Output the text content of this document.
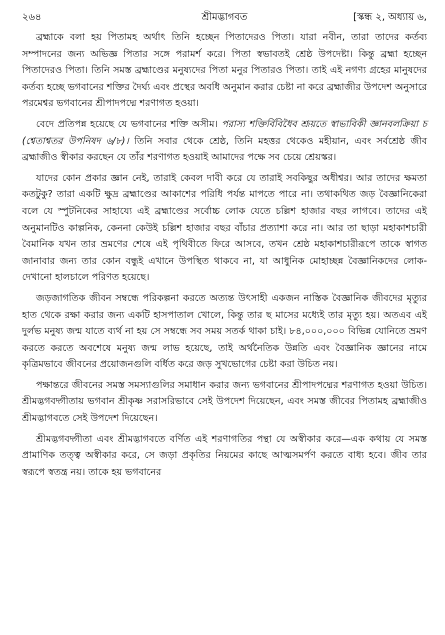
২৬৪	শ্রীমদ্ভাগবত	[স্কন্ধ ২, অধ্যায় ৬,

ব্রহ্মাকে বলা হয় পিতামহ অর্থাৎ তিনি হচ্ছেন পিতাদেরও পিতা। যারা নবীন, তারা তাদের কর্তব্য সম্পাদনের জন্য অভিজ্ঞ পিতার সঙ্গে পরামর্শ করে। পিতা স্বভাবতই শ্রেষ্ঠ উপদেষ্টা। কিন্তু ব্রহ্মা হচ্ছেন পিতাদেরও পিতা। তিনি সমস্ত ব্রহ্মাণ্ডের মনুষ্যদের পিতা মনুর পিতারও পিতা। তাই এই নগণ্য গ্রহের মানুষদের কর্তব্য হচ্ছে ভগবানের শক্তির দৈর্ঘ্য এবং প্রস্থের অবধি অনুমান করার চেষ্টা না করে ব্রহ্মাজীর উপদেশ অনুসারে পরমেশ্বর ভগবানের শ্রীপাদপদ্মে শরণাগত হওয়া।

বেদে প্রতিপন্ন হয়েছে যে ভগবানের শক্তি অসীম। পরাস্য শক্তির্বিবিধৈব শ্রূয়তে স্বাভাবিকী জ্ঞানবলক্রিয়া চ (শ্বেতাশ্বতর উপনিষদ ৬/৮)। তিনি সবার থেকে শ্রেষ্ঠ, তিনি মহত্তর থেকেও মহীয়ান, এবং সর্বশ্রেষ্ঠ জীব ব্রহ্মাজীও স্বীকার করছেন যে তাঁর শরণাগত হওয়াই আমাদের পক্ষে সব চেয়ে শ্রেয়স্কর।

যাদের কোন প্রকার জ্ঞান নেই, তারাই কেবল দাবী করে যে তারাই সবকিছুর অধীশ্বর। আর তাদের ক্ষমতা কতটুকু? তারা একটি ক্ষুদ্র ব্রহ্মাণ্ডের আকাশের পরিধি পর্যন্ত মাপতে পারে না। তথাকথিত জড় বৈজ্ঞানিকেরা বলে যে স্পুটনিকের সাহায্যে এই ব্রহ্মাণ্ডের সর্বোচ্চ লোক যেতে চল্লিশ হাজার বছর লাগবে। তাদের এই অনুমানটিও কাল্পনিক, কেননা কেউই চল্লিশ হাজার বছর বাঁচার প্রত্যাশা করে না। আর তা ছাড়া মহাকাশচারী বৈমানিক যখন তার ভ্রমণের শেষে এই পৃথিবীতে ফিরে আসবে, তখন শ্রেষ্ঠ মহাকাশচারীরূপে তাকে স্বাগত জানাবার জন্য তার কোন বন্ধুই এখানে উপস্থিত থাকবে না, যা আধুনিক মোহাচ্ছন্ন বৈজ্ঞানিকদের লোক-দেখানো হালচালে পরিণত হয়েছে।

জড়জাগতিক জীবন সম্বন্ধে পরিকল্পনা করতে অত্যন্ত উৎসাহী একজন নাস্তিক বৈজ্ঞানিক জীবদের মৃত্যুর হাত থেকে রক্ষা করার জন্য একটি হাসপাতাল খোলে, কিন্তু তার ছ মাসের মধ্যেই তার মৃত্যু হয়। অতএব এই দুর্লভ মনুষ্য জন্ম যাতে ব্যর্থ না হয় সে সম্বন্ধে সব সময় সতর্ক থাকা চাই। ৮৪,০০০,০০০ বিভিন্ন যোনিতে ভ্রমণ করতে করতে অবশেষে মনুষ্য জন্ম লাভ হয়েছে, তাই অর্থনৈতিক উন্নতি এবং বৈজ্ঞানিক জ্ঞানের নামে কৃত্রিমভাবে জীবনের প্রয়োজনগুলি বর্ধিত করে জড় সুখভোগের চেষ্টা করা উচিত নয়।

পক্ষান্তরে জীবনের সমস্ত সমস্যাগুলির সমাধান করার জন্য ভগবানের শ্রীপাদপদ্মের শরণাগত হওয়া উচিত। শ্রীমদ্ভগবদ্গীতায় ভগবান শ্রীকৃষ্ণ সরাসরিভাবে সেই উপদেশ দিয়েছেন, এবং সমস্ত জীবের পিতামহ ব্রহ্মাজীও শ্রীমদ্ভাগবতে সেই উপদেশ দিয়েছেন।

শ্রীমদ্ভগবদ্গীতা এবং শ্রীমদ্ভাগবতে বর্ণিত এই শরণাগতির পন্থা যে অস্বীকার করে—এক কথায় যে সমস্ত প্রামাণিক তত্ত্ব অস্বীকার করে, সে জড়া প্রকৃতির নিয়মের কাছে আত্মসমর্পণ করতে বাধ্য হবে। জীব তার স্বরূপে স্বতন্ত্র নয়। তাকে হয় ভগবানের
